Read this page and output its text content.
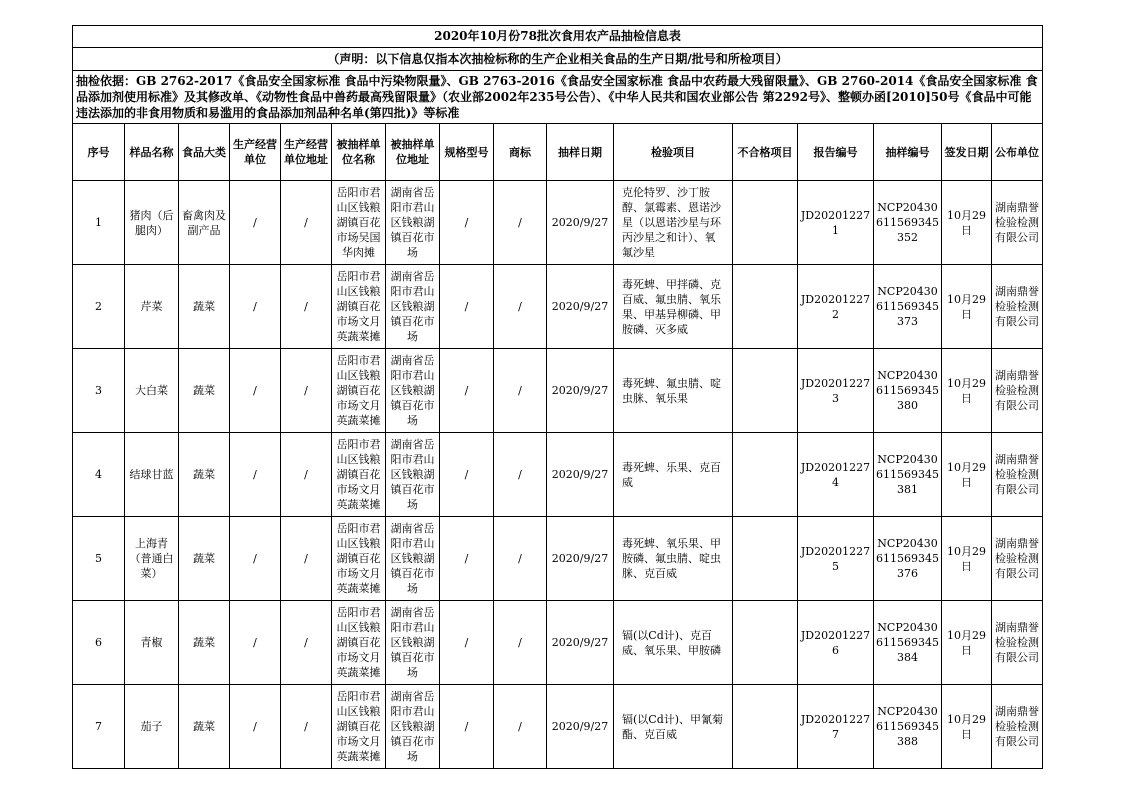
2020年10月份78批次食用农产品抽检信息表															
（声明：以下信息仅指本次抽检标称的生产企业相关食品的生产日期/批号和所检项目）															
抽检依据：GB 2762-2017《食品安全国家标准 食品中污染物限量》、GB 2763-2016《食品安全国家标准 食品中农药最大残留限量》、GB 2760-2014《食品安全国家标准 食品添加剂使用标准》及其修改单、《动物性食品中兽药最高残留限量》（农业部2002年235号公告）、《中华人民共和国农业部公告 第2292号》、整顿办函[2010]50号《食品中可能违法添加的非食用物质和易滥用的食品添加剂品种名单(第四批)》等标准															
序号	样品名称	食品大类	生产经营单位	生产经营单位地址	被抽样单位名称	被抽样单位地址	规格型号	商标	抽样日期	检验项目	不合格项目	报告编号	抽样编号	签发日期	公布单位
1	猪肉（后腿肉）	畜禽肉及副产品	/	/	岳阳市君山区钱粮湖镇百花市场吴国华肉摊	湖南省岳阳市君山区钱粮湖镇百花市场	/	/	2020/9/27	克伦特罗、沙丁胺醇、氯霉素、恩诺沙星（以恩诺沙星与环丙沙星之和计）、氧氟沙星		JD202012271	NCP20430611569345352	10月29日	湖南鼎誉检验检测有限公司
2	芹菜	蔬菜	/	/	岳阳市君山区钱粮湖镇百花市场文月英蔬菜摊	湖南省岳阳市君山区钱粮湖镇百花市场	/	/	2020/9/27	毒死蜱、甲拌磷、克百威、氟虫腈、氧乐果、甲基异柳磷、甲胺磷、灭多威		JD202012272	NCP20430611569345373	10月29日	湖南鼎誉检验检测有限公司
3	大白菜	蔬菜	/	/	岳阳市君山区钱粮湖镇百花市场文月英蔬菜摊	湖南省岳阳市君山区钱粮湖镇百花市场	/	/	2020/9/27	毒死蜱、氟虫腈、啶虫脒、氧乐果		JD202012273	NCP20430611569345380	10月29日	湖南鼎誉检验检测有限公司
4	结球甘蓝	蔬菜	/	/	岳阳市君山区钱粮湖镇百花市场文月英蔬菜摊	湖南省岳阳市君山区钱粮湖镇百花市场	/	/	2020/9/27	毒死蜱、乐果、克百威		JD202012274	NCP20430611569345381	10月29日	湖南鼎誉检验检测有限公司
5	上海青（普通白菜）	蔬菜	/	/	岳阳市君山区钱粮湖镇百花市场文月英蔬菜摊	湖南省岳阳市君山区钱粮湖镇百花市场	/	/	2020/9/27	毒死蜱、氧乐果、甲胺磷、氟虫腈、啶虫脒、克百威		JD202012275	NCP20430611569345376	10月29日	湖南鼎誉检验检测有限公司
6	青椒	蔬菜	/	/	岳阳市君山区钱粮湖镇百花市场文月英蔬菜摊	湖南省岳阳市君山区钱粮湖镇百花市场	/	/	2020/9/27	镉(以Cd计)、克百威、氧乐果、甲胺磷		JD202012276	NCP20430611569345384	10月29日	湖南鼎誉检验检测有限公司
7	茄子	蔬菜	/	/	岳阳市君山区钱粮湖镇百花市场文月英蔬菜摊	湖南省岳阳市君山区钱粮湖镇百花市场	/	/	2020/9/27	镉(以Cd计)、甲氰菊酯、克百威		JD202012277	NCP20430611569345388	10月29日	湖南鼎誉检验检测有限公司
